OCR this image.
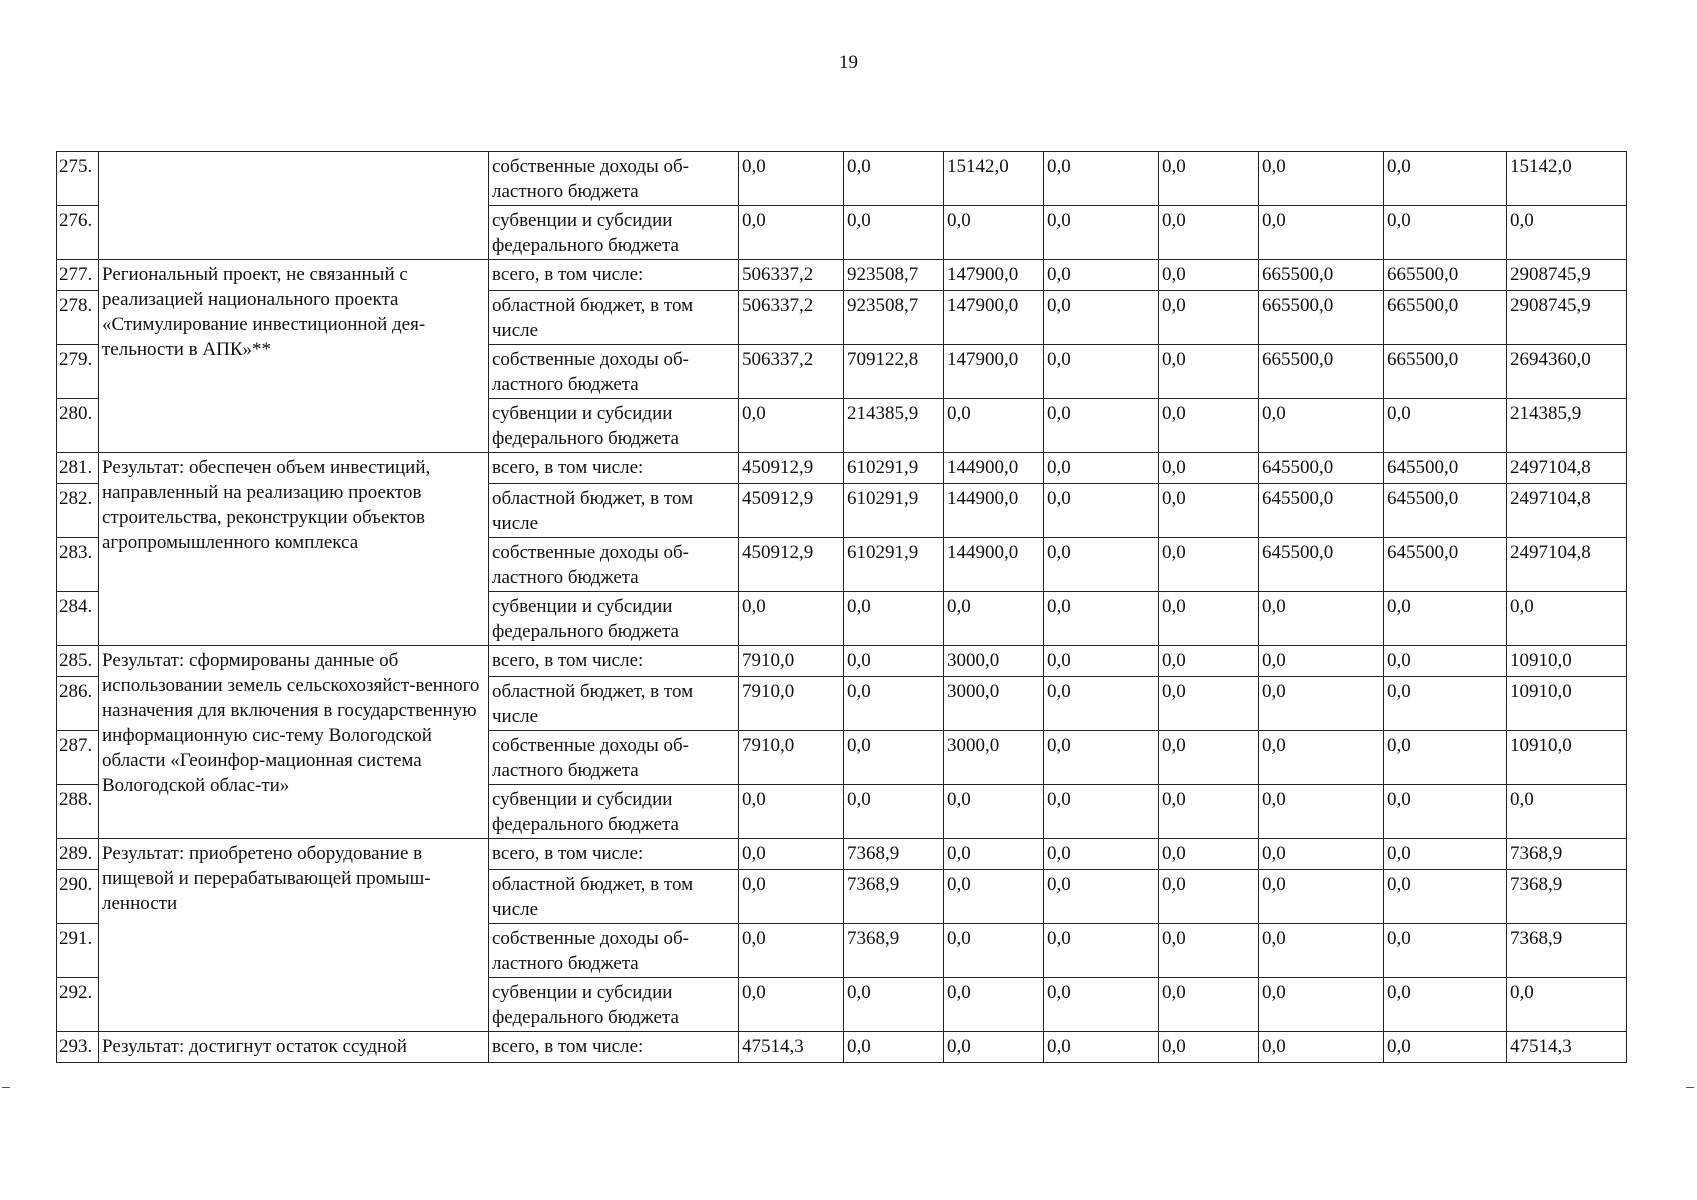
19
275.		собственные доходы об-ластного бюджета	0,0	0,0	15142,0	0,0	0,0	0,0	0,0	15142,0
276.		субвенции и субсидии федерального бюджета	0,0	0,0	0,0	0,0	0,0	0,0	0,0	0,0
277.	Региональный проект, не связанный с реализацией национального проекта «Стимулирование инвестиционной дея-тельности в АПК»**	всего, в том числе:	506337,2	923508,7	147900,0	0,0	0,0	665500,0	665500,0	2908745,9
278.		областной бюджет, в том числе	506337,2	923508,7	147900,0	0,0	0,0	665500,0	665500,0	2908745,9
279.		собственные доходы об-ластного бюджета	506337,2	709122,8	147900,0	0,0	0,0	665500,0	665500,0	2694360,0
280.		субвенции и субсидии федерального бюджета	0,0	214385,9	0,0	0,0	0,0	0,0	0,0	214385,9
281.	Результат: обеспечен объем инвестиций, направленный на реализацию проектов строительства, реконструкции объектов агропромышленного комплекса	всего, в том числе:	450912,9	610291,9	144900,0	0,0	0,0	645500,0	645500,0	2497104,8
282.		областной бюджет, в том числе	450912,9	610291,9	144900,0	0,0	0,0	645500,0	645500,0	2497104,8
283.		собственные доходы об-ластного бюджета	450912,9	610291,9	144900,0	0,0	0,0	645500,0	645500,0	2497104,8
284.		субвенции и субсидии федерального бюджета	0,0	0,0	0,0	0,0	0,0	0,0	0,0	0,0
285.	Результат: сформированы данные об использовании земель сельскохозяйст-венного назначения для включения в государственную информационную сис-тему Вологодской области «Геоинфор-мационная система Вологодской облас-ти»	всего, в том числе:	7910,0	0,0	3000,0	0,0	0,0	0,0	0,0	10910,0
286.		областной бюджет, в том числе	7910,0	0,0	3000,0	0,0	0,0	0,0	0,0	10910,0
287.		собственные доходы об-ластного бюджета	7910,0	0,0	3000,0	0,0	0,0	0,0	0,0	10910,0
288.		субвенции и субсидии федерального бюджета	0,0	0,0	0,0	0,0	0,0	0,0	0,0	0,0
289.	Результат: приобретено оборудование в пищевой и перерабатывающей промыш-ленности	всего, в том числе:	0,0	7368,9	0,0	0,0	0,0	0,0	0,0	7368,9
290.		областной бюджет, в том числе	0,0	7368,9	0,0	0,0	0,0	0,0	0,0	7368,9
291.		собственные доходы об-ластного бюджета	0,0	7368,9	0,0	0,0	0,0	0,0	0,0	7368,9
292.		субвенции и субсидии федерального бюджета	0,0	0,0	0,0	0,0	0,0	0,0	0,0	0,0
293.	Результат: достигнут остаток ссудной	всего, в том числе:	47514,3	0,0	0,0	0,0	0,0	0,0	0,0	47514,3
